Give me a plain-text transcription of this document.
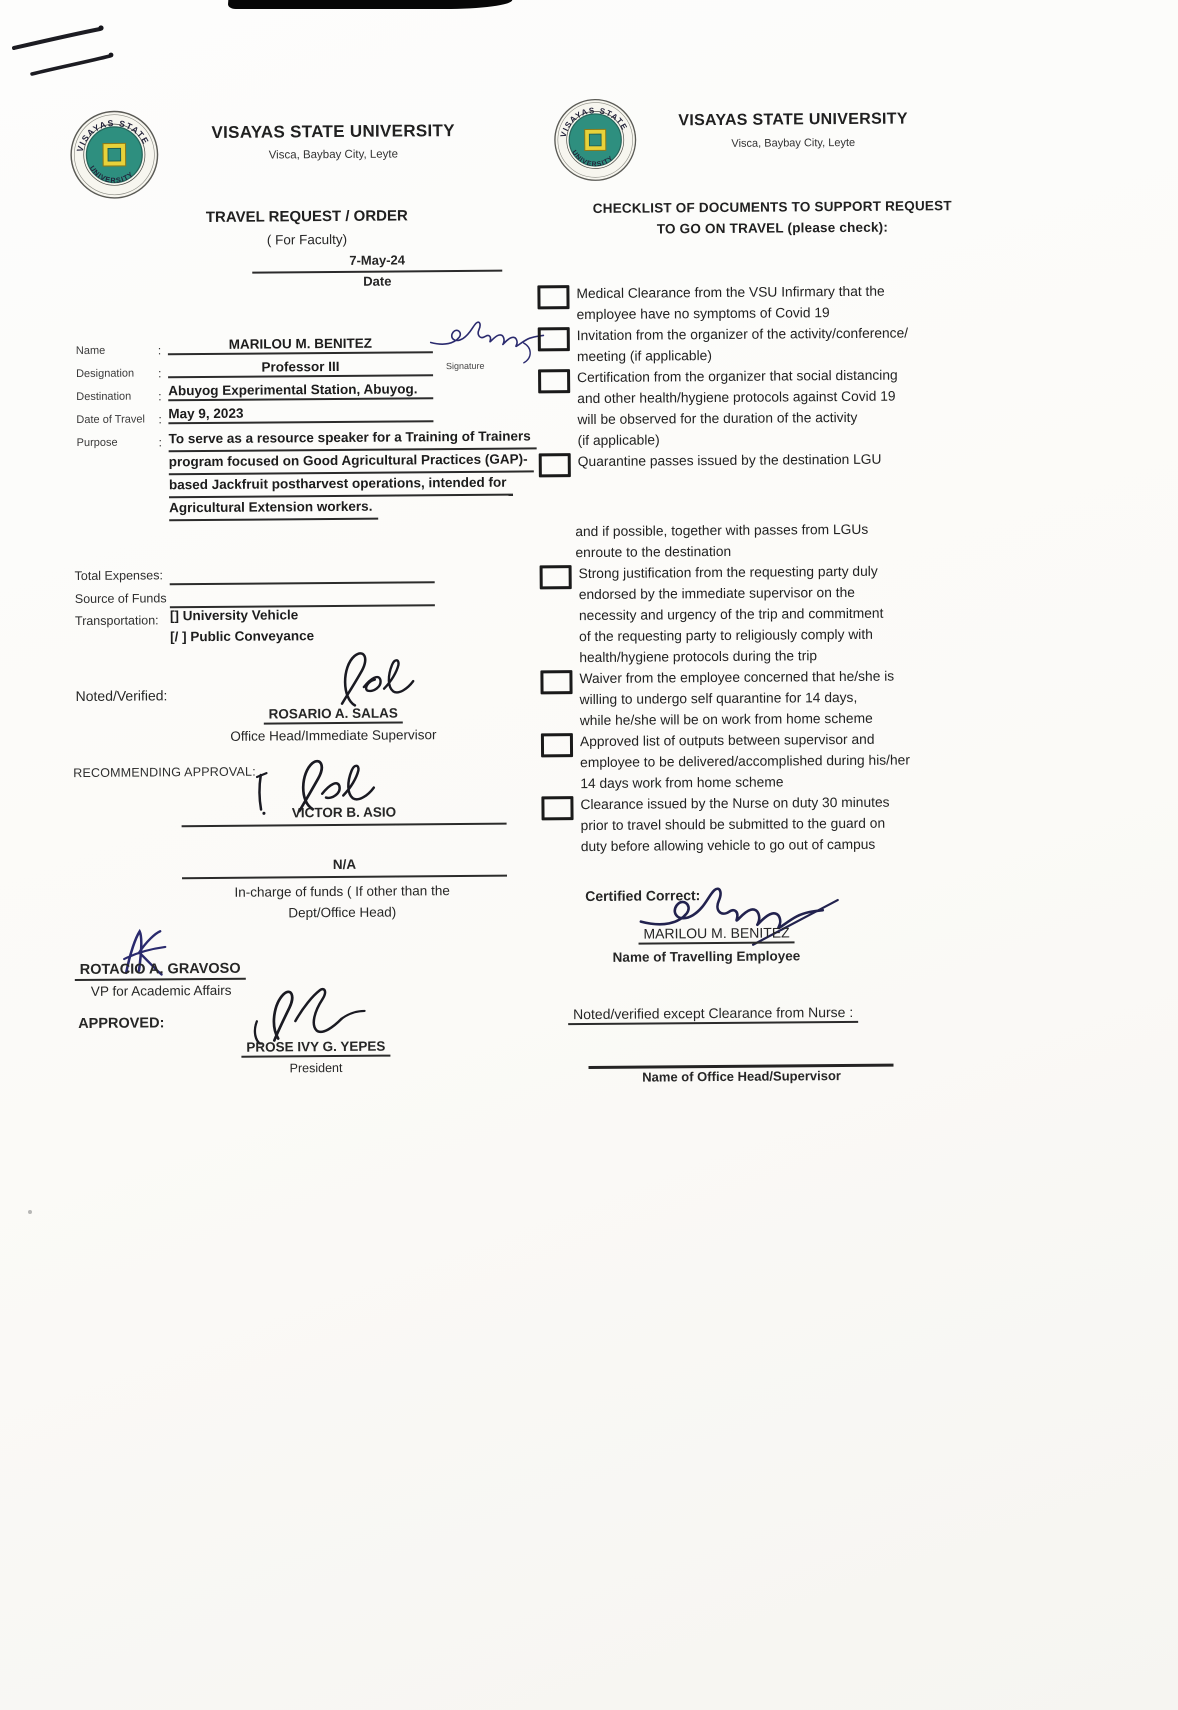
VISAYAS STATE
UNIVERSITY
VISAYAS STATE UNIVERSITY
Visca, Baybay City, Leyte
TRAVEL REQUEST / ORDER
( For Faculty)
7-May-24
Date
Signature
Name	:	MARILOU M. BENITEZ
Designation :	Professor III
Destination : Abuyog Experimental Station, Abuyog.
Date of Travel : May 9, 2023
Purpose	: To serve as a resource speaker for a Training of Trainers
program focused on Good Agricultural Practices (GAP)-
based Jackfruit postharvest operations, intended for
Agricultural Extension workers.
Total Expenses:
Source of Funds
Transportation: [] University Vehicle
[/ ] Public Conveyance
Noted/Verified:
ROSARIO A. SALAS
Office Head/Immediate Supervisor
RECOMMENDING APPROVAL:
VICTOR B. ASIO
N/A
In-charge of funds ( If other than the
Dept/Office Head)
ROTACIO A. GRAVOSO
VP for Academic Affairs
APPROVED:
PROSE IVY G. YEPES
President
VISAYAS STATE
UNIVERSITY
VISAYAS STATE UNIVERSITY
Visca, Baybay City, Leyte
CHECKLIST OF DOCUMENTS TO SUPPORT REQUEST
TO GO ON TRAVEL (please check):
Medical Clearance from the VSU Infirmary that the
employee have no symptoms of Covid 19
Invitation from the organizer of the activity/conference/
meeting (if applicable)
Certification from the organizer that social distancing
and other health/hygiene protocols against Covid 19
will be observed for the duration of the activity
(if applicable)
Quarantine passes issued by the destination LGU
and if possible, together with passes from LGUs
enroute to the destination
Strong justification from the requesting party duly
endorsed by the immediate supervisor on the
necessity and urgency of the trip and commitment
of the requesting party to religiously comply with
health/hygiene protocols during the trip
Waiver from the employee concerned that he/she is
willing to undergo self quarantine for 14 days,
while he/she will be on work from home scheme
Approved list of outputs between supervisor and
employee to be delivered/accomplished during his/her
14 days work from home scheme
Clearance issued by the Nurse on duty 30 minutes
prior to travel should be submitted to the guard on
duty before allowing vehicle to go out of campus
Certified Correct:
MARILOU M. BENITEZ
Name of Travelling Employee
Noted/verified except Clearance from Nurse :
Name of Office Head/Supervisor
